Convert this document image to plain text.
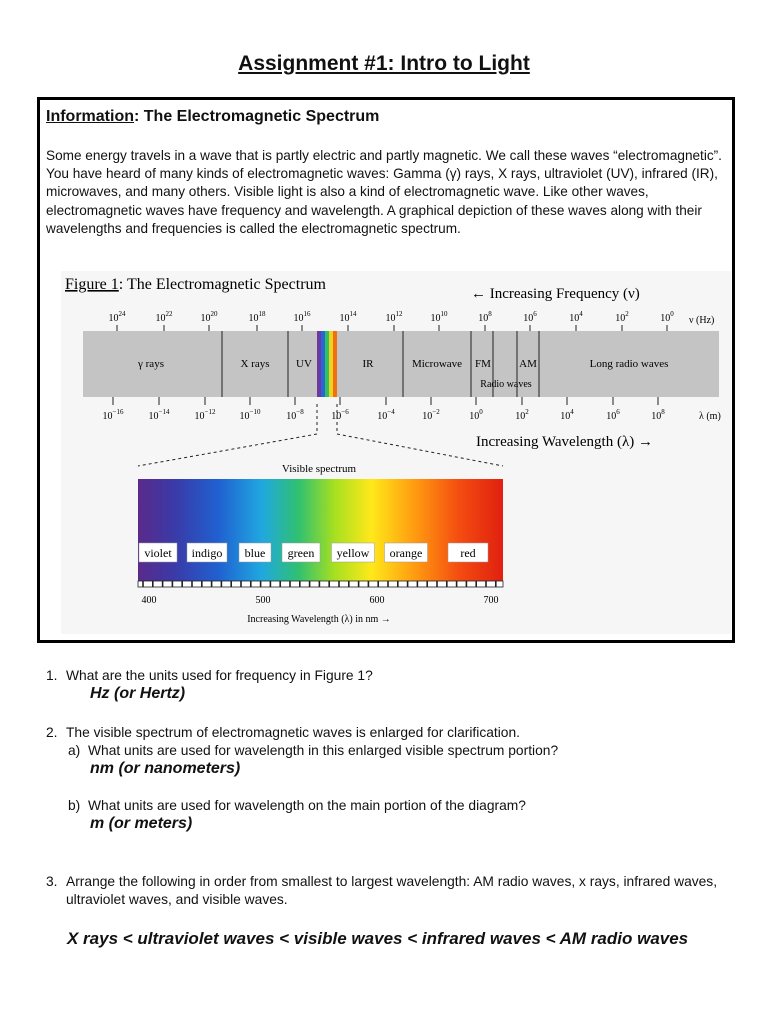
Assignment #1: Intro to Light
Information: The Electromagnetic Spectrum
Some energy travels in a wave that is partly electric and partly magnetic. We call these waves “electromagnetic”. You have heard of many kinds of electromagnetic waves: Gamma (γ) rays, X rays, ultraviolet (UV), infrared (IR), microwaves, and many others. Visible light is also a kind of electromagnetic wave. Like other waves, electromagnetic waves have frequency and wavelength. A graphical depiction of these waves along with their wavelengths and frequencies is called the electromagnetic spectrum.
Figure 1: The Electromagnetic Spectrum
← Increasing Frequency (ν)
ν (Hz)
$10^{24}$	$10^{22}$	$10^{20}$	$10^{18}$	$10^{16}$	$10^{14}$	$10^{12}$	$10^{10}$	$10^8$	$10^6$	$10^4$	$10^2$	$10^0$
γ rays	X rays UV	IR	Microwave FM	AM
Radio waves
Long radio waves
$10^{-16}$	$10^{-14}$	$10^{-12}$ $10^{-10}$	$10^{-8}$	$10^{-6}$	$10^{-4}$	$10^{-2}$	$10^0$	$10^2$	$10^4$	$10^6$	$10^8$	λ (m)
Increasing Wavelength (λ) →
Visible spectrum
violet indigo blue green yellow orange	red
400	500	600	700
Increasing Wavelength (λ) in nm →
1. What are the units used for frequency in Figure 1?
Hz (or Hertz)
2. The visible spectrum of electromagnetic waves is enlarged for clarification.
a) What units are used for wavelength in this enlarged visible spectrum portion?
nm (or nanometers)
b) What units are used for wavelength on the main portion of the diagram?
m (or meters)
3. Arrange the following in order from smallest to largest wavelength: AM radio waves, x rays, infrared waves, ultraviolet waves, and visible waves.
X rays < ultraviolet waves < visible waves < infrared waves < AM radio waves
